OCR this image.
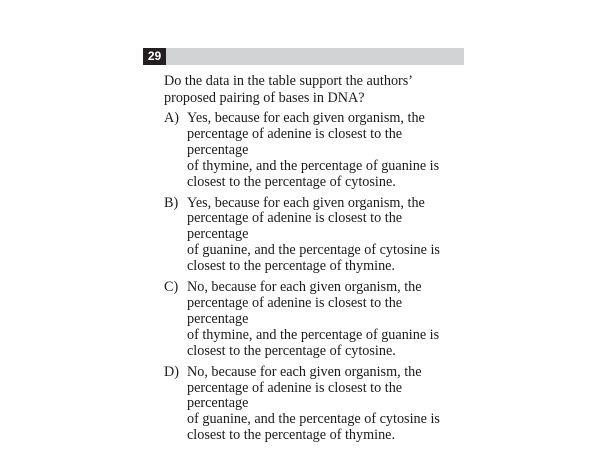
29

Do the data in the table support the authors’
proposed pairing of bases in DNA?

A) Yes, because for each given organism, the
percentage of adenine is closest to the percentage
of thymine, and the percentage of guanine is
closest to the percentage of cytosine.
B) Yes, because for each given organism, the
percentage of adenine is closest to the percentage
of guanine, and the percentage of cytosine is
closest to the percentage of thymine.
C) No, because for each given organism, the
percentage of adenine is closest to the percentage
of thymine, and the percentage of guanine is
closest to the percentage of cytosine.
D) No, because for each given organism, the
percentage of adenine is closest to the percentage
of guanine, and the percentage of cytosine is
closest to the percentage of thymine.
